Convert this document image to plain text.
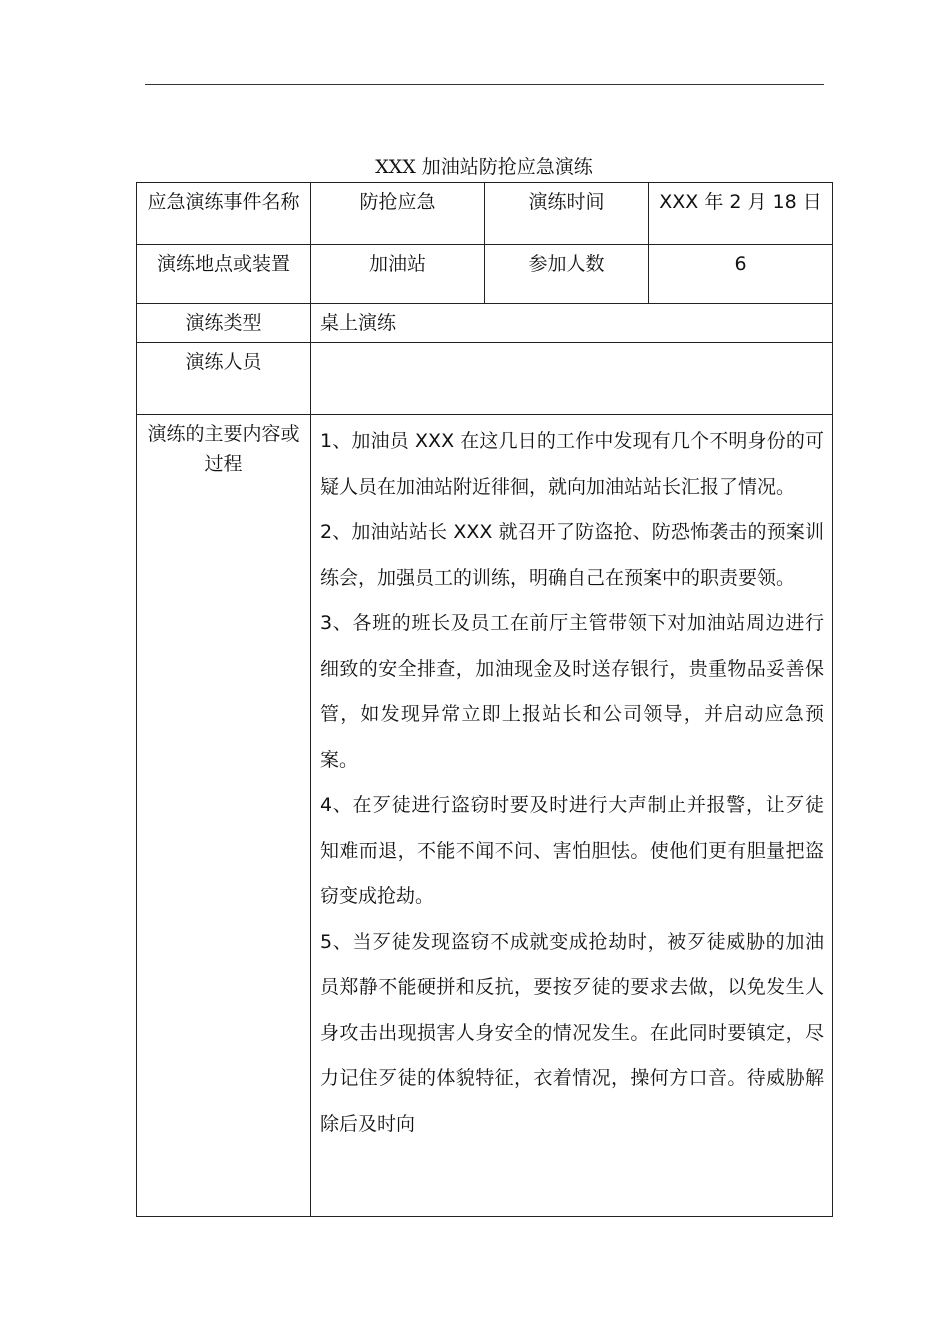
XXX 加油站防抢应急演练
应急演练事件名称	防抢应急	演练时间	XXX 年 2 月 18 日
演练地点或装置	加油站	参加人数	6
演练类型	桌上演练		
演练人员			
演练的主要内容或过程	1、加油员 XXX 在这几日的工作中发现有几个不明身份的可疑人员在加油站附近徘徊，就向加油站站长汇报了情况。

2、加油站站长 XXX 就召开了防盗抢、防恐怖袭击的预案训练会，加强员工的训练，明确自己在预案中的职责要领。

3、各班的班长及员工在前厅主管带领下对加油站周边进行细致的安全排查，加油现金及时送存银行，贵重物品妥善保管，如发现异常立即上报站长和公司领导，并启动应急预案。

4、在歹徒进行盗窃时要及时进行大声制止并报警，让歹徒知难而退，不能不闻不问、害怕胆怯。使他们更有胆量把盗窃变成抢劫。

5、当歹徒发现盗窃不成就变成抢劫时，被歹徒威胁的加油员郑静不能硬拼和反抗，要按歹徒的要求去做，以免发生人身攻击出现损害人身安全的情况发生。在此同时要镇定，尽力记住歹徒的体貌特征，衣着情况，操何方口音。待威胁解除后及时向		
